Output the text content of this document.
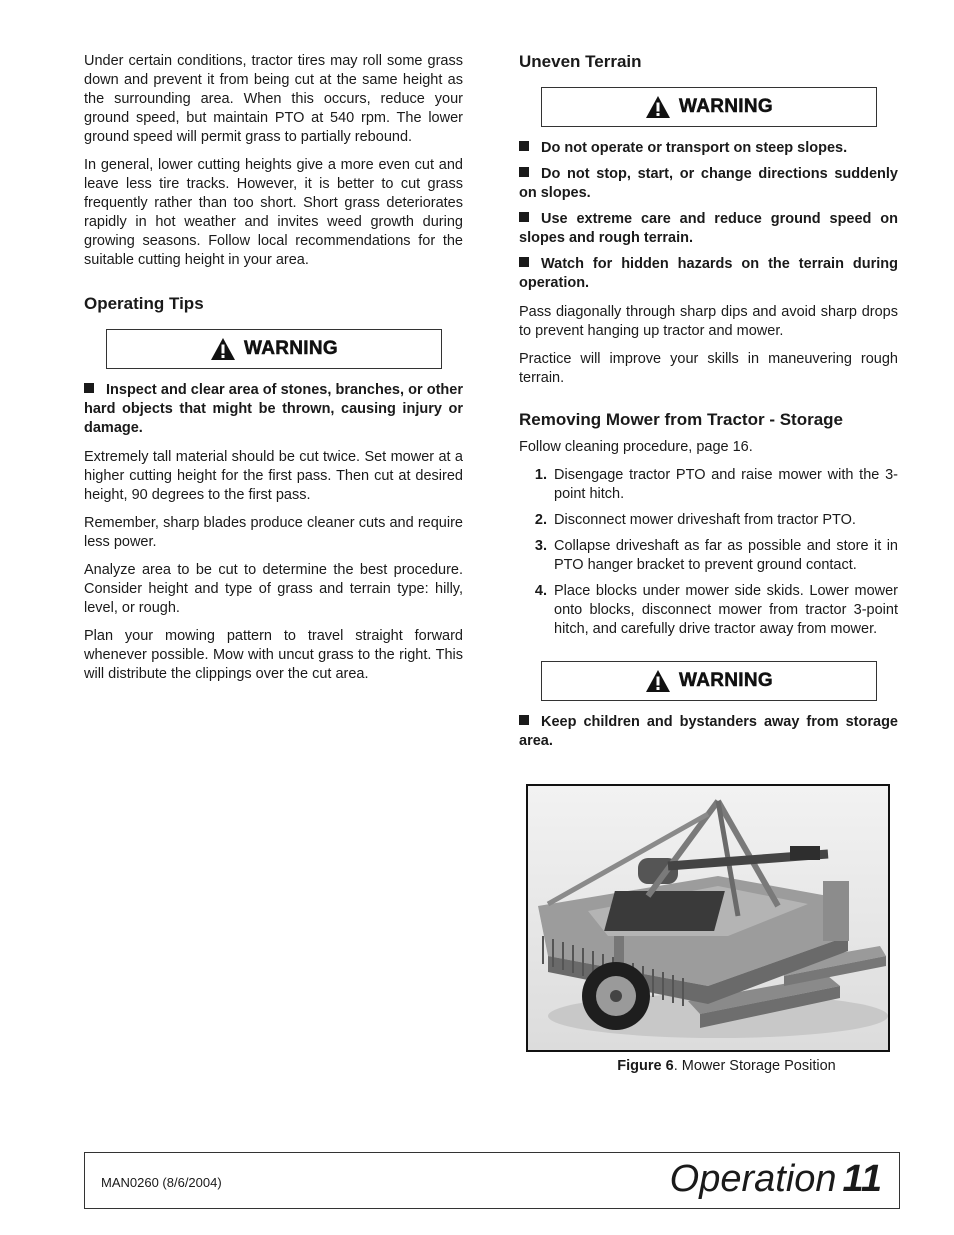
Under certain conditions, tractor tires may roll some grass down and prevent it from being cut at the same height as the surrounding area. When this occurs, reduce your ground speed, but maintain PTO at 540 rpm. The lower ground speed will permit grass to partially rebound.

In general, lower cutting heights give a more even cut and leave less tire tracks. However, it is better to cut grass frequently rather than too short. Short grass deteriorates rapidly in hot weather and invites weed growth during growing seasons. Follow local recommendations for the suitable cutting height in your area.

Operating Tips
WARNING

Inspect and clear area of stones, branches, or other hard objects that might be thrown, causing injury or damage.

Extremely tall material should be cut twice. Set mower at a higher cutting height for the first pass. Then cut at desired height, 90 degrees to the first pass.

Remember, sharp blades produce cleaner cuts and require less power.

Analyze area to be cut to determine the best procedure. Consider height and type of grass and terrain type: hilly, level, or rough.

Plan your mowing pattern to travel straight forward whenever possible. Mow with uncut grass to the right. This will distribute the clippings over the cut area.

Uneven Terrain
WARNING

Do not operate or transport on steep slopes.

Do not stop, start, or change directions suddenly on slopes.

Use extreme care and reduce ground speed on slopes and rough terrain.

Watch for hidden hazards on the terrain during operation.

Pass diagonally through sharp dips and avoid sharp drops to prevent hanging up tractor and mower.

Practice will improve your skills in maneuvering rough terrain.

Removing Mower from Tractor - Storage

Follow cleaning procedure, page 16.

1. Disengage tractor PTO and raise mower with the 3-point hitch.
2. Disconnect mower driveshaft from tractor PTO.
3. Collapse driveshaft as far as possible and store it in PTO hanger bracket to prevent ground contact.
4. Place blocks under mower side skids. Lower mower onto blocks, disconnect mower from tractor 3-point hitch, and carefully drive tractor away from mower.
WARNING

Keep children and bystanders away from storage area.

Figure 6. Mower Storage Position
MAN0260 (8/6/2004)	Operation 11
